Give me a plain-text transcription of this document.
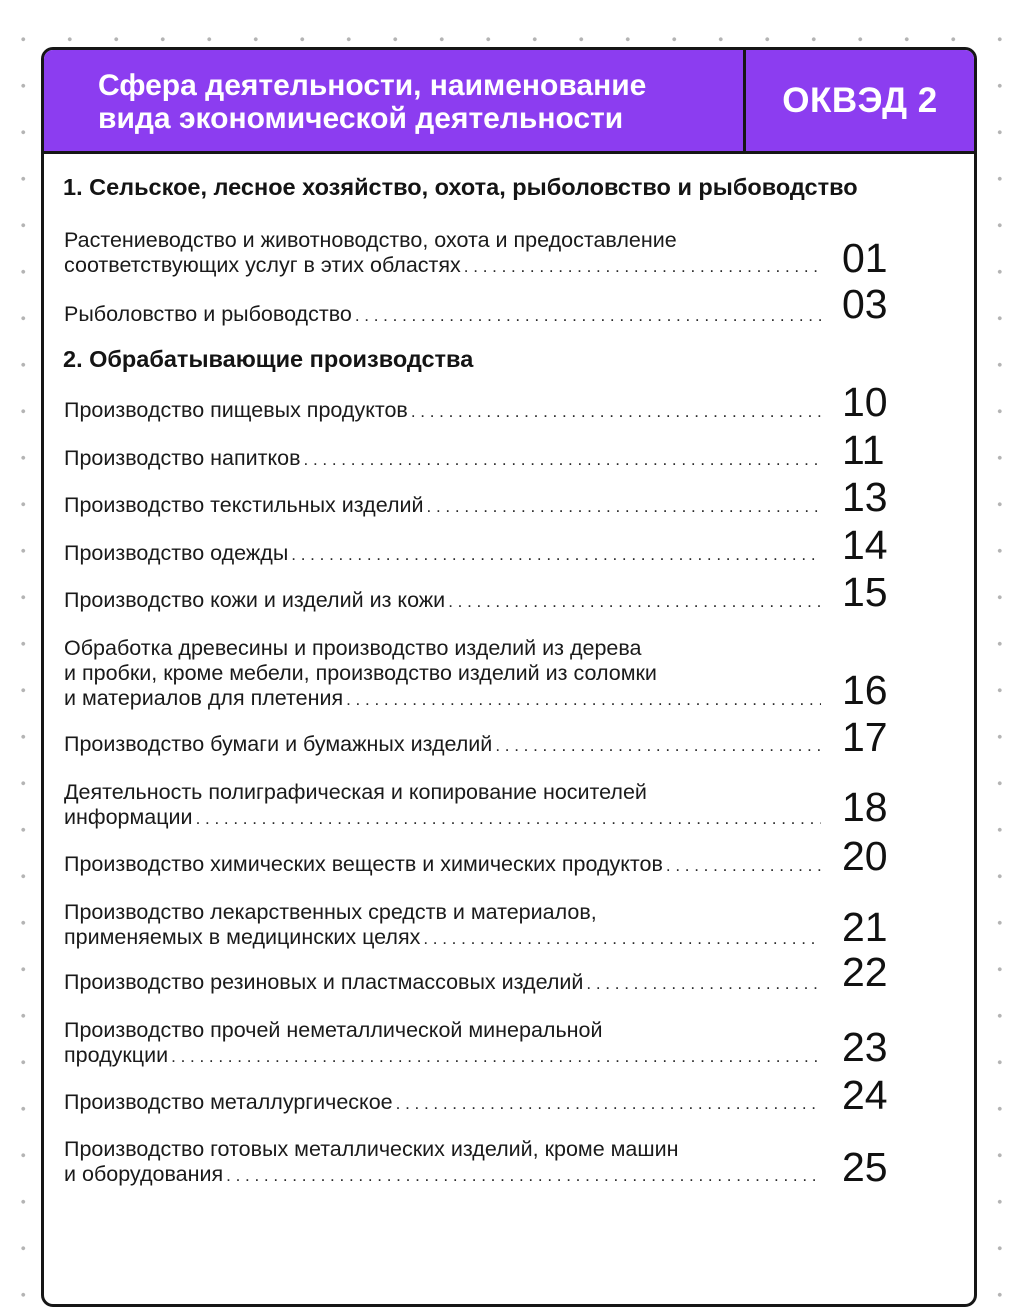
Сфера деятельности, наименование
вида экономической деятельности	ОКВЭД 2
1. Сельское, лесное хозяйство, охота, рыболовство и рыбоводство
Растениеводство и животноводство, охота и предоставление
соответствующих услуг в этих областях . . .	01
Рыболовство и рыбоводство . . .	03
2. Обрабатывающие производства
Производство пищевых продуктов . . .	10
Производство напитков . . .	11
Производство текстильных изделий . . .	13
Производство одежды . . .	14
Производство кожи и изделий из кожи . . .	15
Обработка древесины и производство изделий из дерева
и пробки, кроме мебели, производство изделий из соломки
и материалов для плетения . . .	16
Производство бумаги и бумажных изделий . . .	17
Деятельность полиграфическая и копирование носителей
информации . . .	18
Производство химических веществ и химических продуктов . . .	20
Производство лекарственных средств и материалов,
применяемых в медицинских целях . . .	21
Производство резиновых и пластмассовых изделий . . .	22
Производство прочей неметаллической минеральной
продукции . . .	23
Производство металлургическое . . .	24
Производство готовых металлических изделий, кроме машин
и оборудования . . .	25
